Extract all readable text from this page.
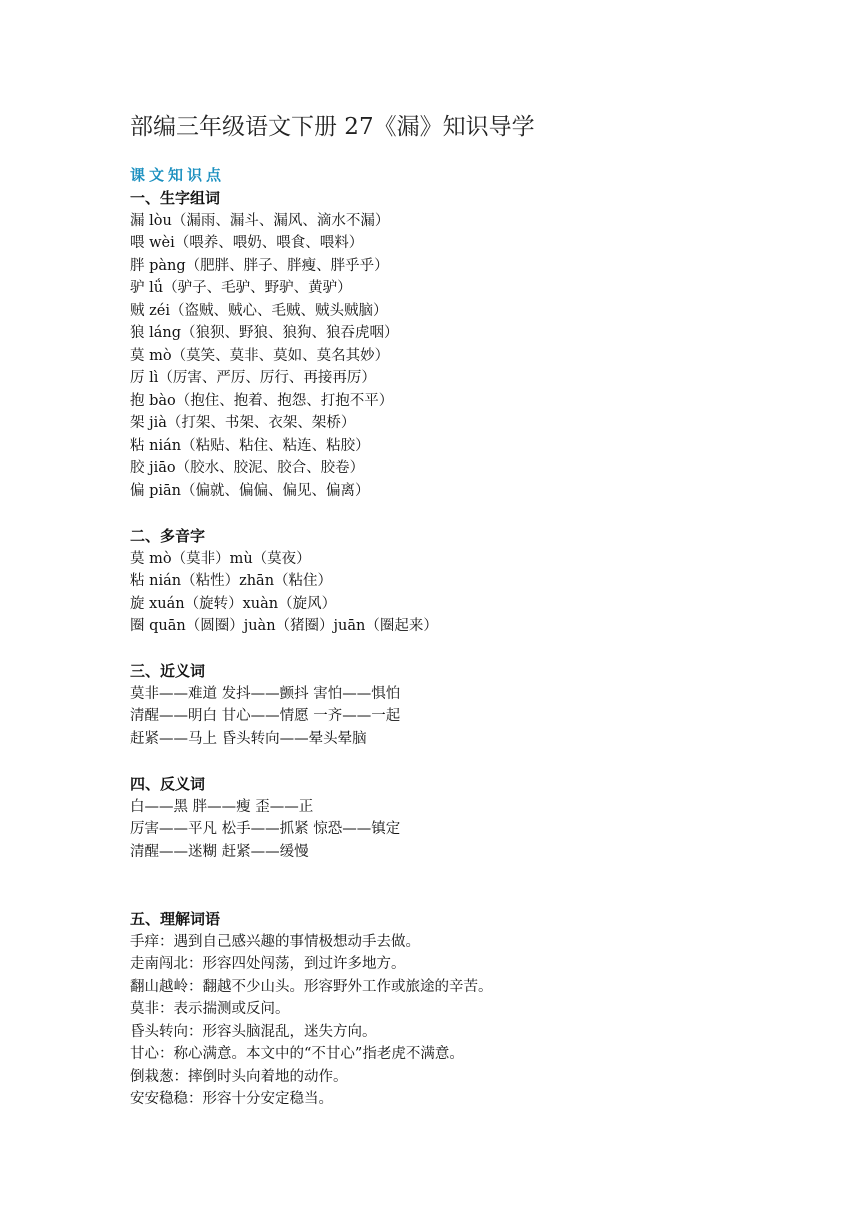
部编三年级语文下册 27《漏》知识导学
课文知识点
一、生字组词
漏 lòu（漏雨、漏斗、漏风、滴水不漏）
喂 wèi（喂养、喂奶、喂食、喂料）
胖 pàng（肥胖、胖子、胖瘦、胖乎乎）
驴 lǘ（驴子、毛驴、野驴、黄驴）
贼 zéi（盗贼、贼心、毛贼、贼头贼脑）
狼 láng（狼狈、野狼、狼狗、狼吞虎咽）
莫 mò（莫笑、莫非、莫如、莫名其妙）
厉 lì（厉害、严厉、厉行、再接再厉）
抱 bào（抱住、抱着、抱怨、打抱不平）
架 jià（打架、书架、衣架、架桥）
粘 nián（粘贴、粘住、粘连、粘胶）
胶 jiāo（胶水、胶泥、胶合、胶卷）
偏 piān（偏就、偏偏、偏见、偏离）
二、多音字
莫 mò（莫非）mù（莫夜）
粘 nián（粘性）zhān（粘住）
旋 xuán（旋转）xuàn（旋风）
圈 quān（圆圈）juàn（猪圈）juān（圈起来）
三、近义词
莫非——难道 发抖——颤抖 害怕——惧怕
清醒——明白 甘心——情愿 一齐——一起
赶紧——马上 昏头转向——晕头晕脑
四、反义词
白——黑 胖——瘦 歪——正
厉害——平凡 松手——抓紧 惊恐——镇定
清醒——迷糊 赶紧——缓慢
五、理解词语
手痒：遇到自己感兴趣的事情极想动手去做。
走南闯北：形容四处闯荡，到过许多地方。
翻山越岭：翻越不少山头。形容野外工作或旅途的辛苦。
莫非：表示揣测或反问。
昏头转向：形容头脑混乱，迷失方向。
甘心：称心满意。本文中的“不甘心”指老虎不满意。
倒栽葱：摔倒时头向着地的动作。
安安稳稳：形容十分安定稳当。
